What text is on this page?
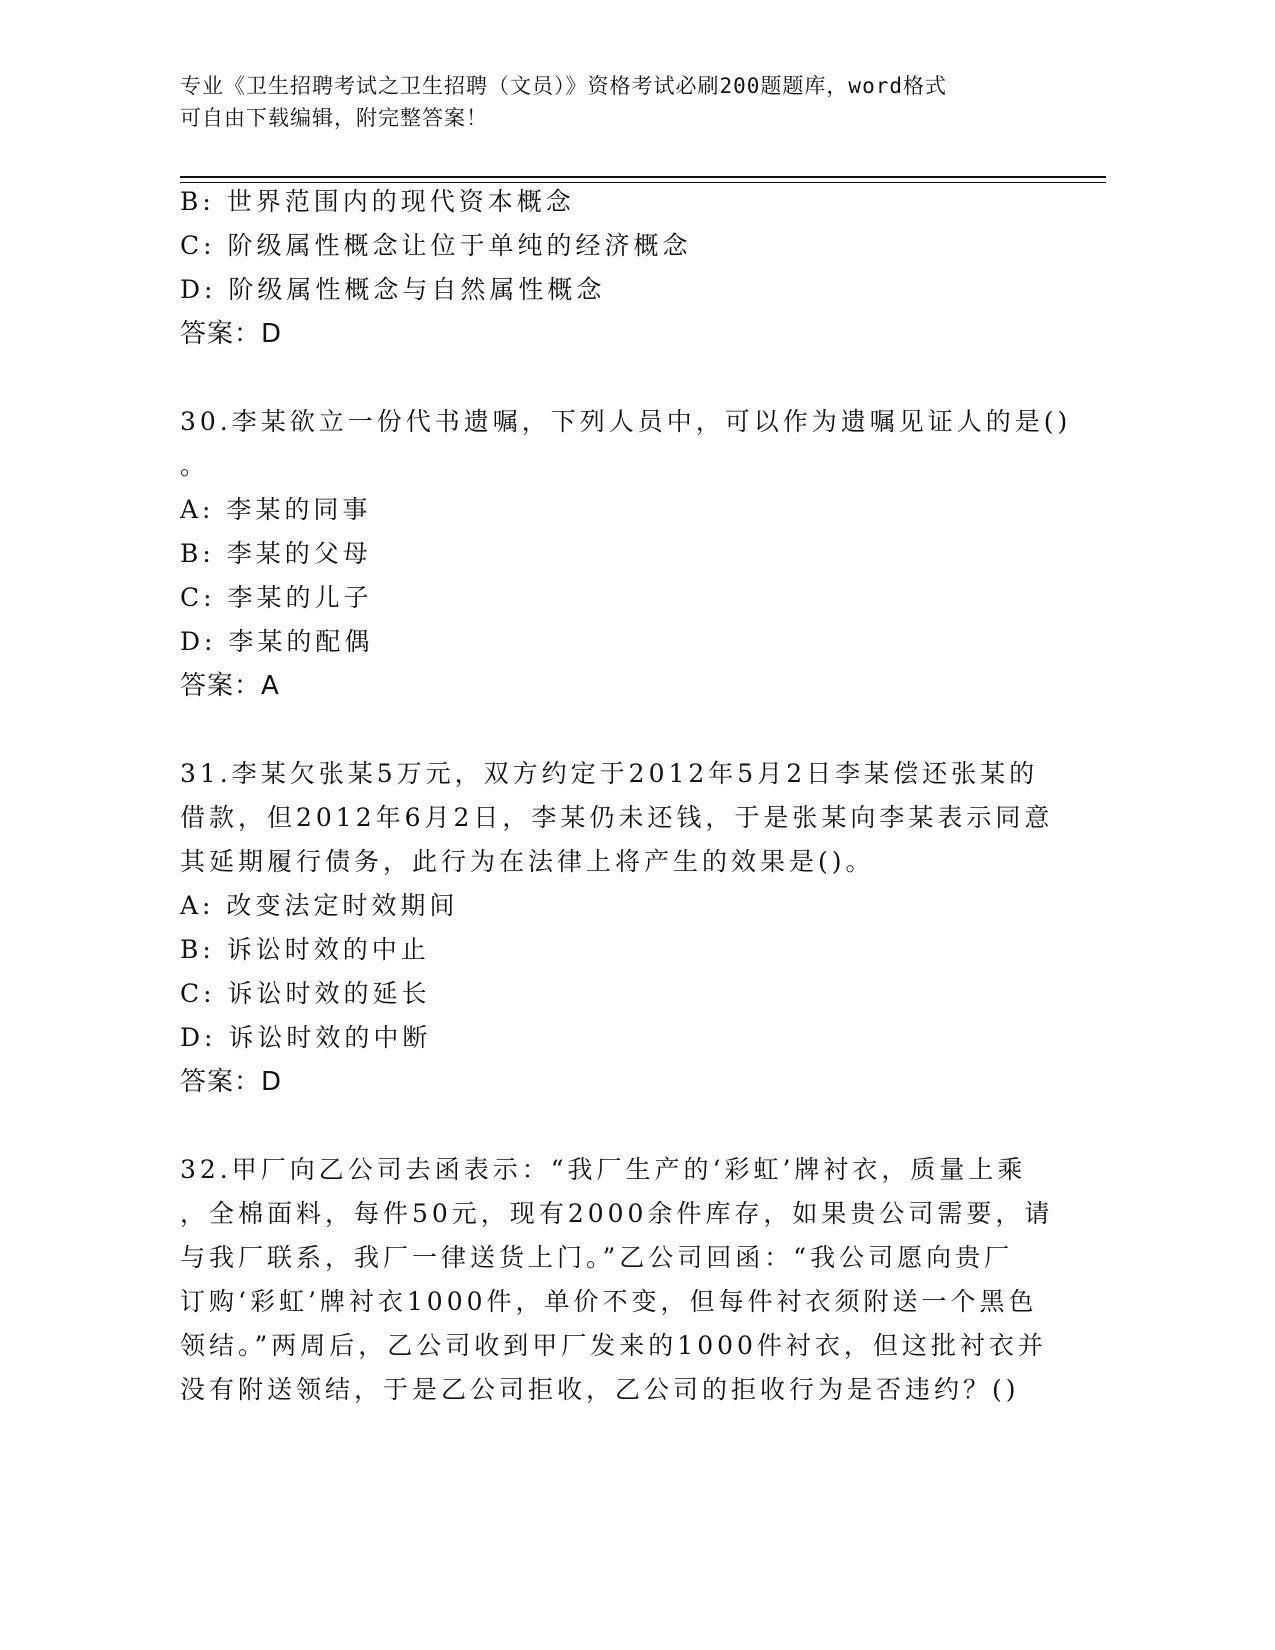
专业《卫生招聘考试之卫生招聘（文员）》资格考试必刷200题题库，word格式
可自由下载编辑，附完整答案！
B: 世界范围内的现代资本概念
C: 阶级属性概念让位于单纯的经济概念
D: 阶级属性概念与自然属性概念
答案：D
30.李某欲立一份代书遗嘱，下列人员中，可以作为遗嘱见证人的是()
。
A: 李某的同事
B: 李某的父母
C: 李某的儿子
D: 李某的配偶
答案：A
31.李某欠张某5万元，双方约定于2012年5月2日李某偿还张某的
借款，但2012年6月2日，李某仍未还钱，于是张某向李某表示同意
其延期履行债务，此行为在法律上将产生的效果是()。
A: 改变法定时效期间
B: 诉讼时效的中止
C: 诉讼时效的延长
D: 诉讼时效的中断
答案：D
32.甲厂向乙公司去函表示：“我厂生产的‘彩虹’牌衬衣，质量上乘
，全棉面料，每件50元，现有2000余件库存，如果贵公司需要，请
与我厂联系，我厂一律送货上门。”乙公司回函：“我公司愿向贵厂
订购‘彩虹’牌衬衣1000件，单价不变，但每件衬衣须附送一个黑色
领结。”两周后，乙公司收到甲厂发来的1000件衬衣，但这批衬衣并
没有附送领结，于是乙公司拒收，乙公司的拒收行为是否违约？()
